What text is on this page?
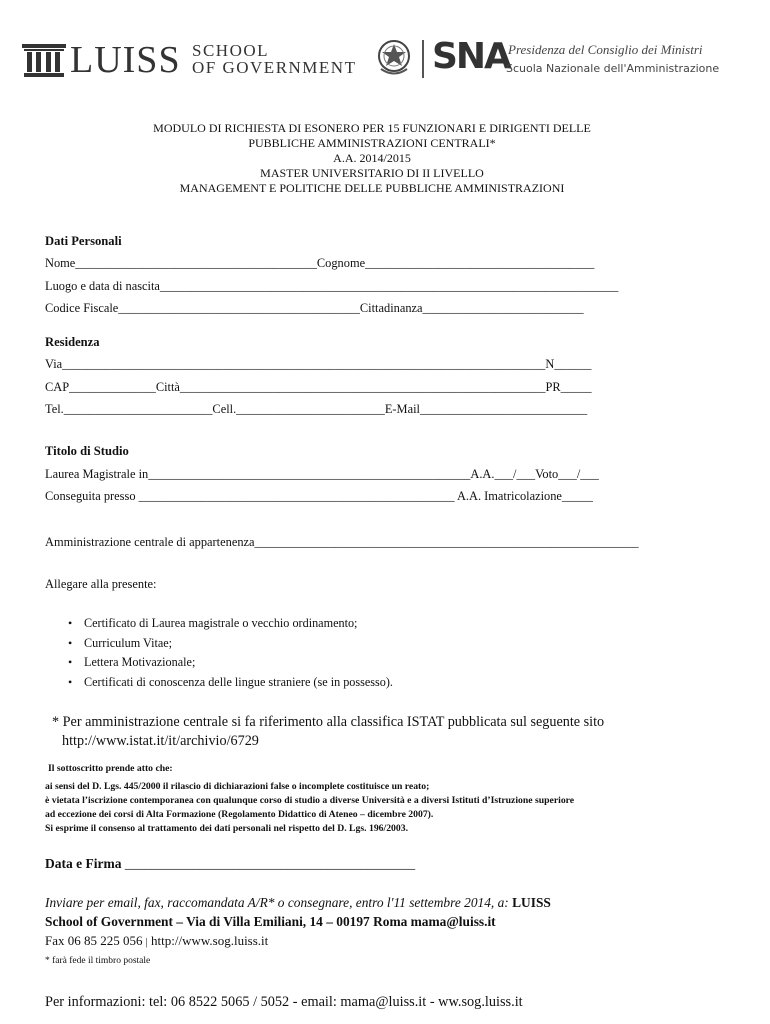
LUISS SCHOOL
OF GOVERNMENT SNA
Presidenza del Consiglio dei Ministri
Scuola Nazionale dell'Amministrazione
MODULO DI RICHIESTA DI ESONERO PER 15 FUNZIONARI E DIRIGENTI DELLE
PUBBLICHE AMMINISTRAZIONI CENTRALI*
A.A. 2014/2015
MASTER UNIVERSITARIO DI II LIVELLO
MANAGEMENT E POLITICHE DELLE PUBBLICHE AMMINISTRAZIONI
Dati Personali
Nome_______________________________________Cognome_____________________________________
Luogo e data di nascita__________________________________________________________________________
Codice Fiscale_______________________________________Cittadinanza__________________________
Residenza
Via______________________________________________________________________________N______
CAP______________Città___________________________________________________________PR_____
Tel.________________________Cell.________________________E-Mail___________________________
Titolo di Studio
Laurea Magistrale in____________________________________________________A.A.___/___Voto___/___
Conseguita presso ___________________________________________________ A.A. Imatricolazione_____
Amministrazione centrale di appartenenza______________________________________________________________
Allegare alla presente:
• Certificato di Laurea magistrale o vecchio ordinamento;
• Curriculum Vitae;
• Lettera Motivazionale;
• Certificati di conoscenza delle lingue straniere (se in possesso).
* Per amministrazione centrale si fa riferimento alla classifica ISTAT pubblicata sul seguente sito
http://www.istat.it/it/archivio/6729
Il sottoscritto prende atto che:
ai sensi del D. Lgs. 445/2000 il rilascio di dichiarazioni false o incomplete costituisce un reato;
è vietata l’iscrizione contemporanea con qualunque corso di studio a diverse Università e a diversi Istituti d’Istruzione superiore
ad eccezione dei corsi di Alta Formazione (Regolamento Didattico di Ateneo – dicembre 2007).
Si esprime il consenso al trattamento dei dati personali nel rispetto del D. Lgs. 196/2003.
Data e Firma ___________________________________________
Inviare per email, fax, raccomandata A/R* o consegnare, entro l'11 settembre 2014, a: LUISS
School of Government – Via di Villa Emiliani, 14 – 00197 Roma mama@luiss.it
Fax 06 85 225 056 | http://www.sog.luiss.it
* farà fede il timbro postale
Per informazioni: tel: 06 8522 5065 / 5052 - email: mama@luiss.it - ww.sog.luiss.it
